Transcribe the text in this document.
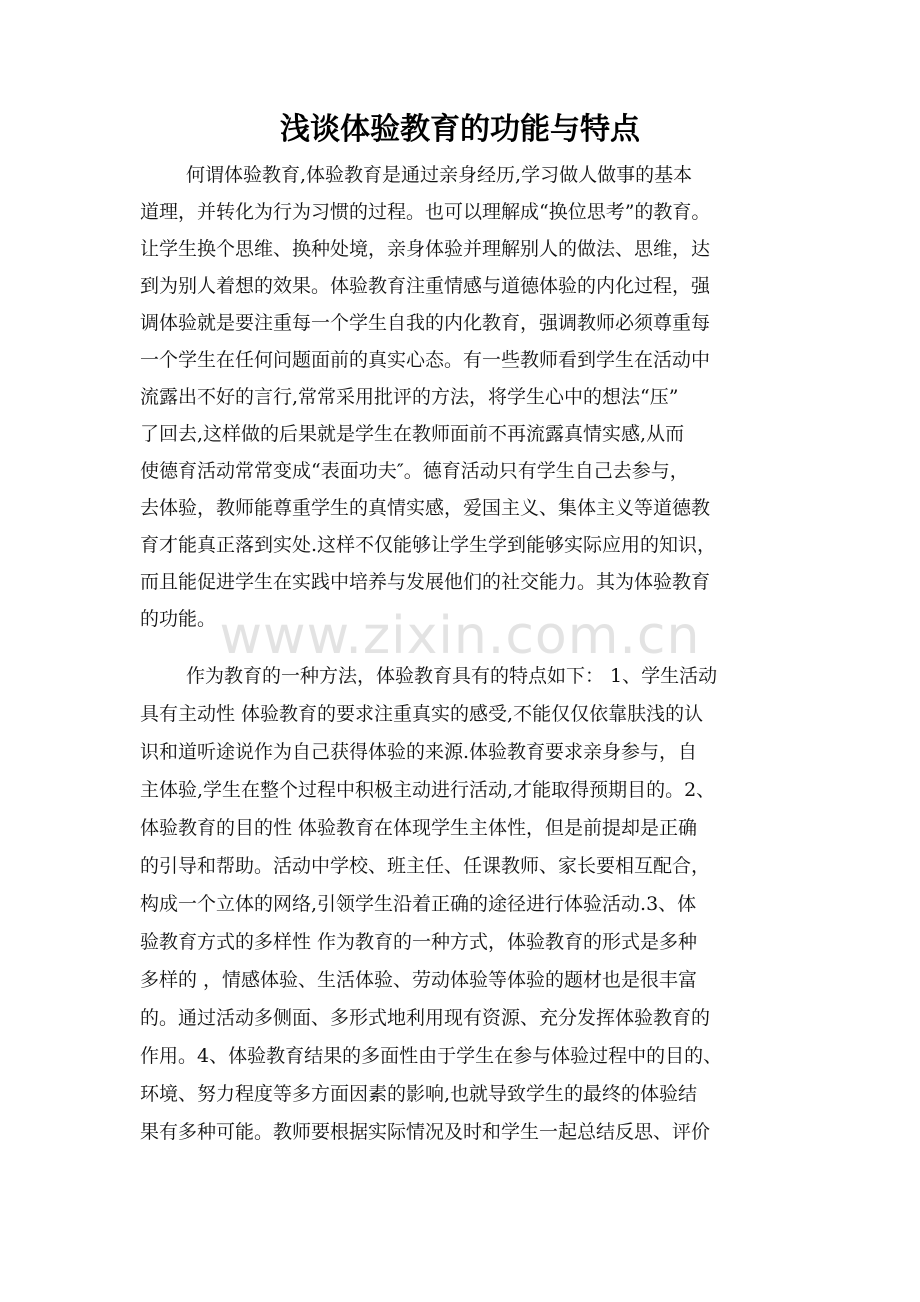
浅谈体验教育的功能与特点
何谓体验教育,体验教育是通过亲身经历,学习做人做事的基本
道理，并转化为行为习惯的过程。也可以理解成“换位思考”的教育。
让学生换个思维、换种处境，亲身体验并理解别人的做法、思维，达
到为别人着想的效果。体验教育注重情感与道德体验的内化过程，强
调体验就是要注重每一个学生自我的内化教育，强调教师必须尊重每
一个学生在任何问题面前的真实心态。有一些教师看到学生在活动中
流露出不好的言行,常常采用批评的方法，将学生心中的想法“压”
了回去,这样做的后果就是学生在教师面前不再流露真情实感,从而
使德育活动常常变成“表面功夫″。德育活动只有学生自己去参与，
去体验，教师能尊重学生的真情实感，爱国主义、集体主义等道德教
育才能真正落到实处.这样不仅能够让学生学到能够实际应用的知识，
而且能促进学生在实践中培养与发展他们的社交能力。其为体验教育
的功能。
作为教育的一种方法，体验教育具有的特点如下： 1、学生活动
具有主动性 体验教育的要求注重真实的感受,不能仅仅依靠肤浅的认
识和道听途说作为自己获得体验的来源.体验教育要求亲身参与，自
主体验,学生在整个过程中积极主动进行活动,才能取得预期目的。2、
体验教育的目的性 体验教育在体现学生主体性，但是前提却是正确
的引导和帮助。活动中学校、班主任、任课教师、家长要相互配合，
构成一个立体的网络,引领学生沿着正确的途径进行体验活动.3、体
验教育方式的多样性 作为教育的一种方式，体验教育的形式是多种
多样的 ，情感体验、生活体验、劳动体验等体验的题材也是很丰富
的。通过活动多侧面、多形式地利用现有资源、充分发挥体验教育的
作用。4、体验教育结果的多面性由于学生在参与体验过程中的目的、
环境、努力程度等多方面因素的影响,也就导致学生的最终的体验结
果有多种可能。教师要根据实际情况及时和学生一起总结反思、评价
www.zixin.com.cn
